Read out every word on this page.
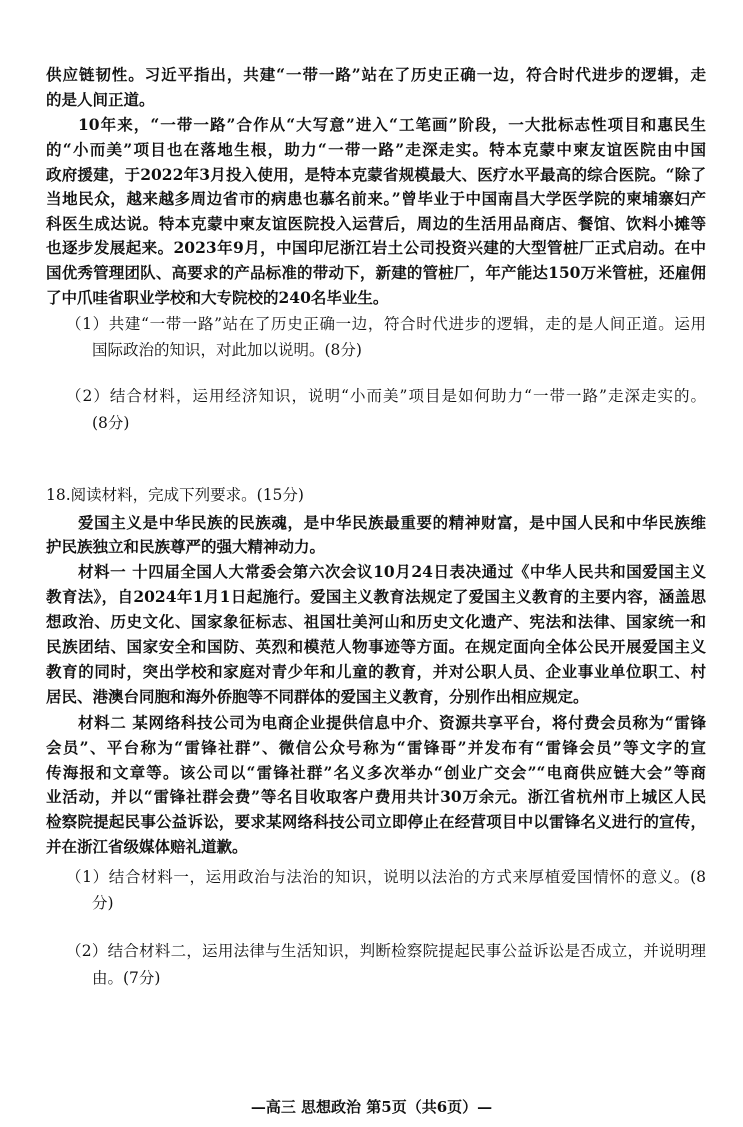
供应链韧性。习近平指出，共建“一带一路”站在了历史正确一边，符合时代进步的逻辑，走
的是人间正道。
10年来，“一带一路”合作从“大写意”进入“工笔画”阶段，一大批标志性项目和惠民生
的“小而美”项目也在落地生根，助力“一带一路”走深走实。特本克蒙中柬友谊医院由中国
政府援建，于2022年3月投入使用，是特本克蒙省规模最大、医疗水平最高的综合医院。“除了
当地民众，越来越多周边省市的病患也慕名前来。”曾毕业于中国南昌大学医学院的柬埔寨妇产
科医生成达说。特本克蒙中柬友谊医院投入运营后，周边的生活用品商店、餐馆、饮料小摊等
也逐步发展起来。2023年9月，中国印尼浙江岩土公司投资兴建的大型管桩厂正式启动。在中
国优秀管理团队、高要求的产品标准的带动下，新建的管桩厂，年产能达150万米管桩，还雇佣
了中爪哇省职业学校和大专院校的240名毕业生。
（1）共建“一带一路”站在了历史正确一边，符合时代进步的逻辑，走的是人间正道。运用
国际政治的知识，对此加以说明。(8分)
（2）结合材料，运用经济知识，说明“小而美”项目是如何助力“一带一路”走深走实的。
(8分)
18.阅读材料，完成下列要求。(15分)
爱国主义是中华民族的民族魂，是中华民族最重要的精神财富，是中国人民和中华民族维
护民族独立和民族尊严的强大精神动力。
材料一 十四届全国人大常委会第六次会议10月24日表决通过《中华人民共和国爱国主义
教育法》，自2024年1月1日起施行。爱国主义教育法规定了爱国主义教育的主要内容，涵盖思
想政治、历史文化、国家象征标志、祖国壮美河山和历史文化遗产、宪法和法律、国家统一和
民族团结、国家安全和国防、英烈和模范人物事迹等方面。在规定面向全体公民开展爱国主义
教育的同时，突出学校和家庭对青少年和儿童的教育，并对公职人员、企业事业单位职工、村
居民、港澳台同胞和海外侨胞等不同群体的爱国主义教育，分别作出相应规定。
材料二 某网络科技公司为电商企业提供信息中介、资源共享平台，将付费会员称为“雷锋
会员”、平台称为“雷锋社群”、微信公众号称为“雷锋哥”并发布有“雷锋会员”等文字的宣
传海报和文章等。该公司以“雷锋社群”名义多次举办“创业广交会”“电商供应链大会”等商
业活动，并以“雷锋社群会费”等名目收取客户费用共计30万余元。浙江省杭州市上城区人民
检察院提起民事公益诉讼，要求某网络科技公司立即停止在经营项目中以雷锋名义进行的宣传，
并在浙江省级媒体赔礼道歉。
（1）结合材料一，运用政治与法治的知识，说明以法治的方式来厚植爱国情怀的意义。(8
分)
（2）结合材料二，运用法律与生活知识，判断检察院提起民事公益诉讼是否成立，并说明理
由。(7分)
—高三 思想政治 第5页（共6页）—
